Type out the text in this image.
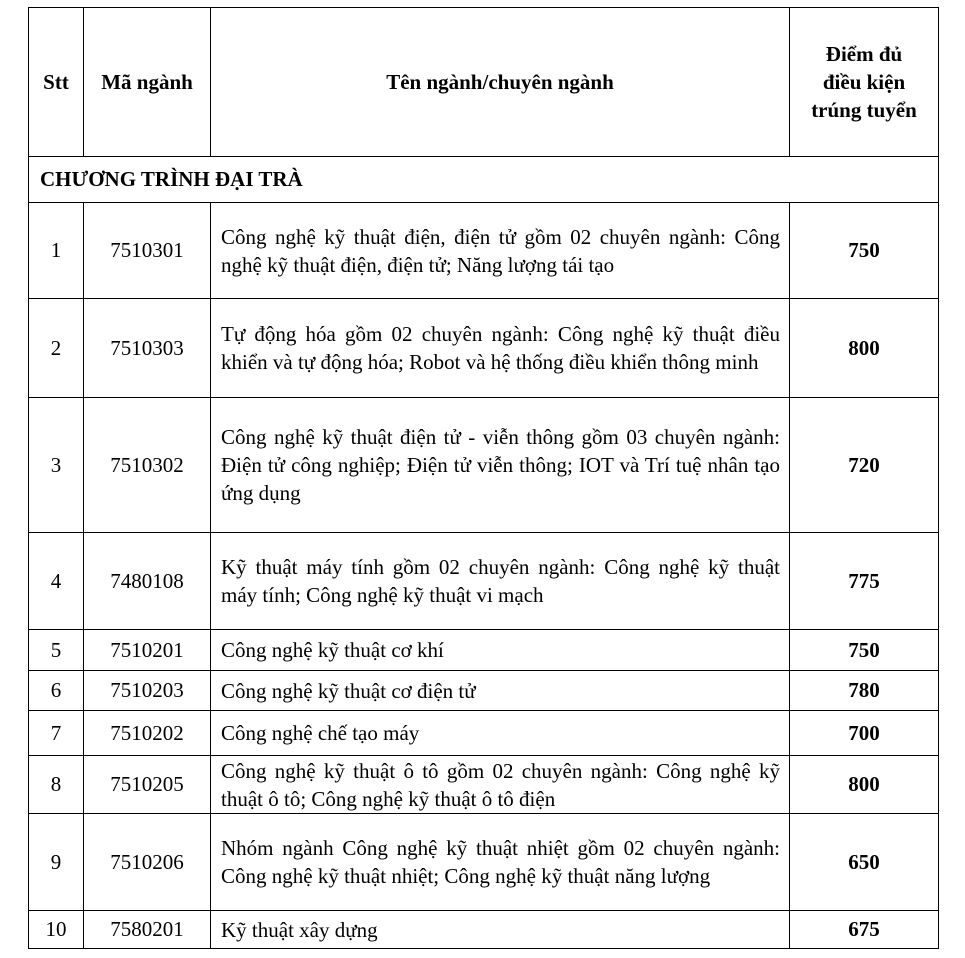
Stt	Mã ngành	Tên ngành/chuyên ngành	Điểm đủ
điều kiện
trúng tuyển

CHƯƠNG TRÌNH ĐẠI TRÀ			
1	7510301	Công nghệ kỹ thuật điện, điện tử gồm 02 chuyên ngành: Công nghệ kỹ thuật điện, điện tử; Năng lượng tái tạo	750
2	7510303	Tự động hóa gồm 02 chuyên ngành: Công nghệ kỹ thuật điều khiển và tự động hóa; Robot và hệ thống điều khiển thông minh	800
3	7510302	Công nghệ kỹ thuật điện tử - viễn thông gồm 03 chuyên ngành: Điện tử công nghiệp; Điện tử viễn thông; IOT và Trí tuệ nhân tạo ứng dụng	720
4	7480108	Kỹ thuật máy tính gồm 02 chuyên ngành: Công nghệ kỹ thuật máy tính; Công nghệ kỹ thuật vi mạch	775
5	7510201	Công nghệ kỹ thuật cơ khí	750
6	7510203	Công nghệ kỹ thuật cơ điện tử	780
7	7510202	Công nghệ chế tạo máy	700
8	7510205	Công nghệ kỹ thuật ô tô gồm 02 chuyên ngành: Công nghệ kỹ thuật ô tô; Công nghệ kỹ thuật ô tô điện	800
9	7510206	Nhóm ngành Công nghệ kỹ thuật nhiệt gồm 02 chuyên ngành: Công nghệ kỹ thuật nhiệt; Công nghệ kỹ thuật năng lượng	650
10	7580201	Kỹ thuật xây dựng	675
